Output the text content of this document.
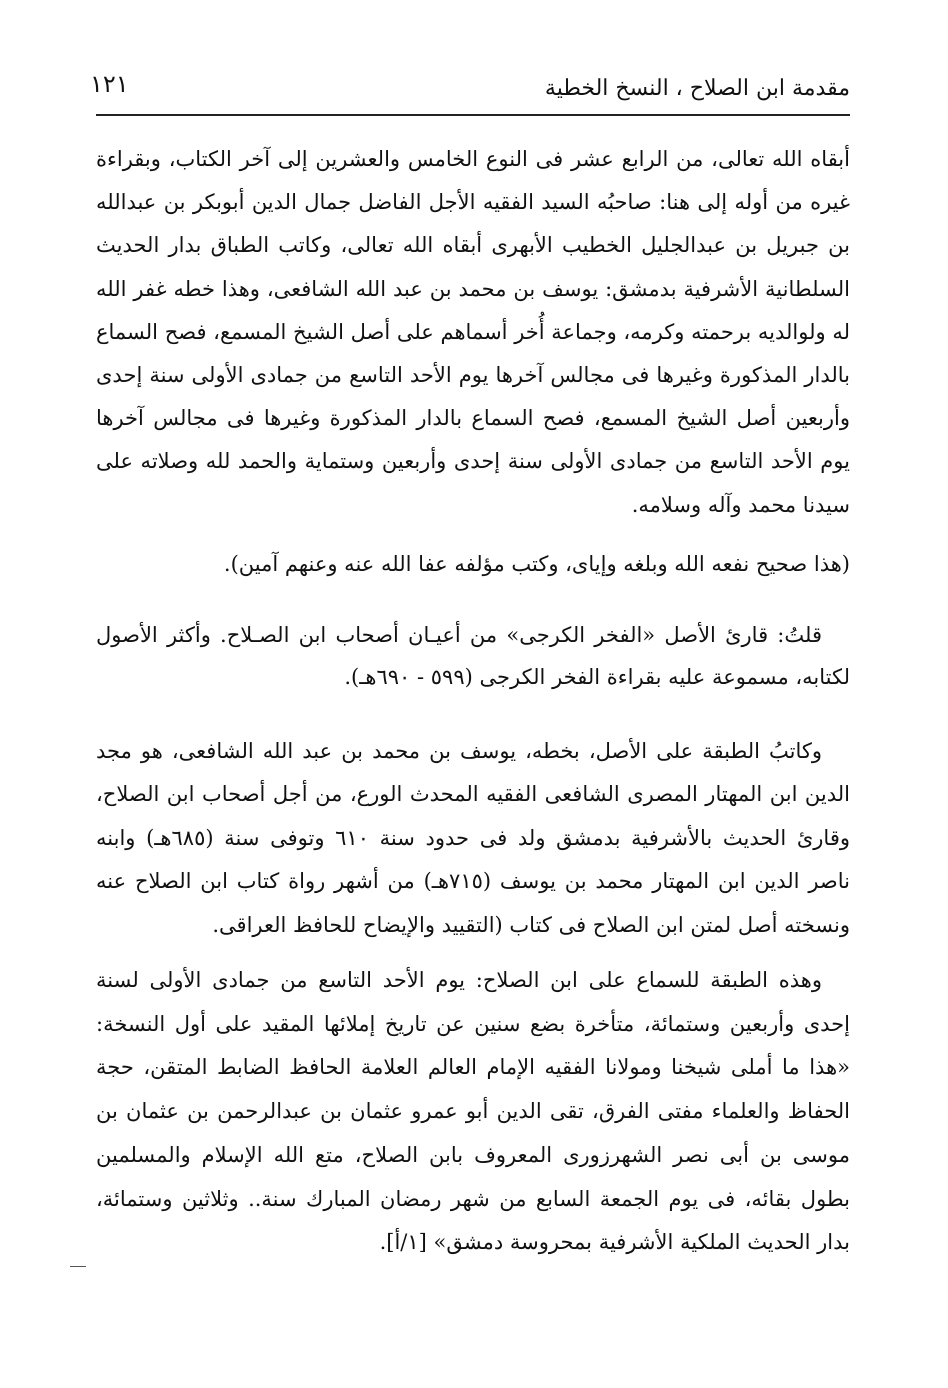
مقدمة ابن الصلاح ، النسخ الخطية
١٢١

أبقاه الله تعالى، من الرابع عشر فى النوع الخامس والعشرين إلى آخر الكتاب، وبقراءة غيره من أوله إلى هنا: صاحبُه السيد الفقيه الأجل الفاضل جمال الدين أبوبكر بن عبدالله بن جبريل بن عبدالجليل الخطيب الأبهرى أبقاه الله تعالى، وكاتب الطباق بدار الحديث السلطانية الأشرفية بدمشق: يوسف بن محمد بن عبد الله الشافعى، وهذا خطه غفر الله له ولوالديه برحمته وكرمه، وجماعة أُخر أسماهم على أصل الشيخ المسمع، فصح السماع بالدار المذكورة وغيرها فى مجالس آخرها يوم الأحد التاسع من جمادى الأولى سنة إحدى وأربعين أصل الشيخ المسمع، فصح السماع بالدار المذكورة وغيرها فى مجالس آخرها يوم الأحد التاسع من جمادى الأولى سنة إحدى وأربعين وستماية والحمد لله وصلاته على سيدنا محمد وآله وسلامه.

(هذا صحيح نفعه الله وبلغه وإياى، وكتب مؤلفه عفا الله عنه وعنهم آمين).

قلتُ: قارئ الأصل «الفخر الكرجى» من أعيـان أصحاب ابن الصـلاح. وأكثر الأصول لكتابه، مسموعة عليه بقراءة الفخر الكرجى (٥٩٩ - ٦٩٠هـ).

وكاتبُ الطبقة على الأصل، بخطه، يوسف بن محمد بن عبد الله الشافعى، هو مجد الدين ابن المهتار المصرى الشافعى الفقيه المحدث الورع، من أجل أصحاب ابن الصلاح، وقارئ الحديث بالأشرفية بدمشق ولد فى حدود سنة ٦١٠ وتوفى سنة (٦٨٥هـ) وابنه ناصر الدين ابن المهتار محمد بن يوسف (٧١٥هـ) من أشهر رواة كتاب ابن الصلاح عنه ونسخته أصل لمتن ابن الصلاح فى كتاب (التقييد والإيضاح للحافظ العراقى.

وهذه الطبقة للسماع على ابن الصلاح: يوم الأحد التاسع من جمادى الأولى لسنة إحدى وأربعين وستمائة، متأخرة بضع سنين عن تاريخ إملائها المقيد على أول النسخة: «هذا ما أملى شيخنا ومولانا الفقيه الإمام العالم العلامة الحافظ الضابط المتقن، حجة الحفاظ والعلماء مفتى الفرق، تقى الدين أبو عمرو عثمان بن عبدالرحمن بن عثمان بن موسى بن أبى نصر الشهرزورى المعروف بابن الصلاح، متع الله الإسلام والمسلمين بطول بقائه، فى يوم الجمعة السابع من شهر رمضان المبارك سنة.. وثلاثين وستمائة، بدار الحديث الملكية الأشرفية بمحروسة دمشق» [١/أ].
